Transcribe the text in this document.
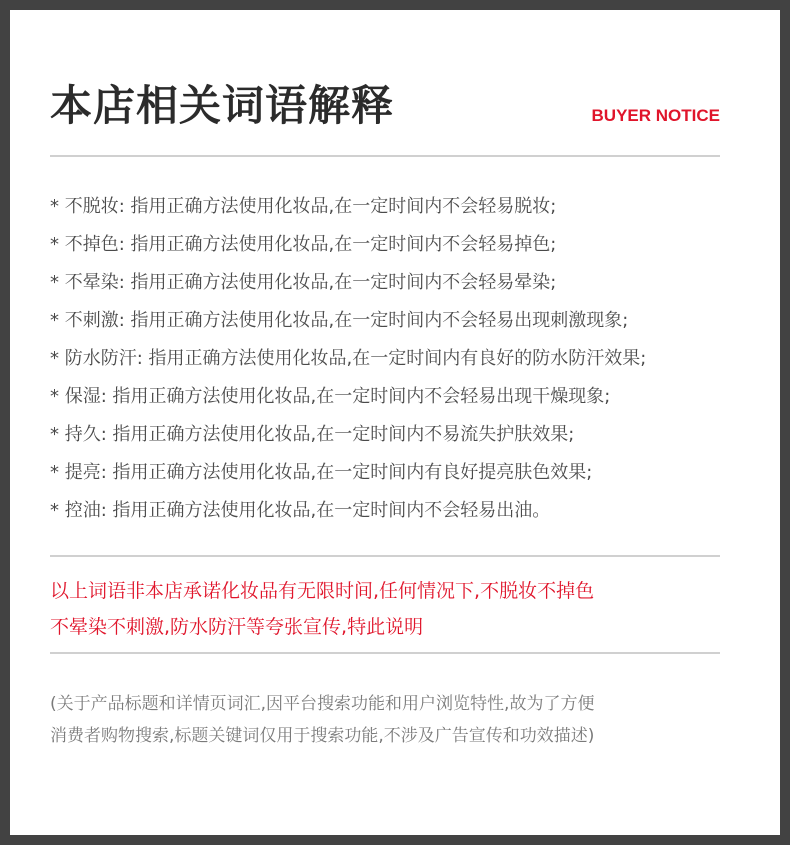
本店相关词语解释	BUYER NOTICE
* 不脱妆: 指用正确方法使用化妆品,在一定时间内不会轻易脱妆;
* 不掉色: 指用正确方法使用化妆品,在一定时间内不会轻易掉色;
* 不晕染: 指用正确方法使用化妆品,在一定时间内不会轻易晕染;
* 不刺激: 指用正确方法使用化妆品,在一定时间内不会轻易出现刺激现象;
* 防水防汗: 指用正确方法使用化妆品,在一定时间内有良好的防水防汗效果;
* 保湿: 指用正确方法使用化妆品,在一定时间内不会轻易出现干燥现象;
* 持久: 指用正确方法使用化妆品,在一定时间内不易流失护肤效果;
* 提亮: 指用正确方法使用化妆品,在一定时间内有良好提亮肤色效果;
* 控油: 指用正确方法使用化妆品,在一定时间内不会轻易出油。

以上词语非本店承诺化妆品有无限时间,任何情况下,不脱妆不掉色

不晕染不刺激,防水防汗等夸张宣传,特此说明

(关于产品标题和详情页词汇,因平台搜索功能和用户浏览特性,故为了方便

消费者购物搜索,标题关键词仅用于搜索功能,不涉及广告宣传和功效描述)
